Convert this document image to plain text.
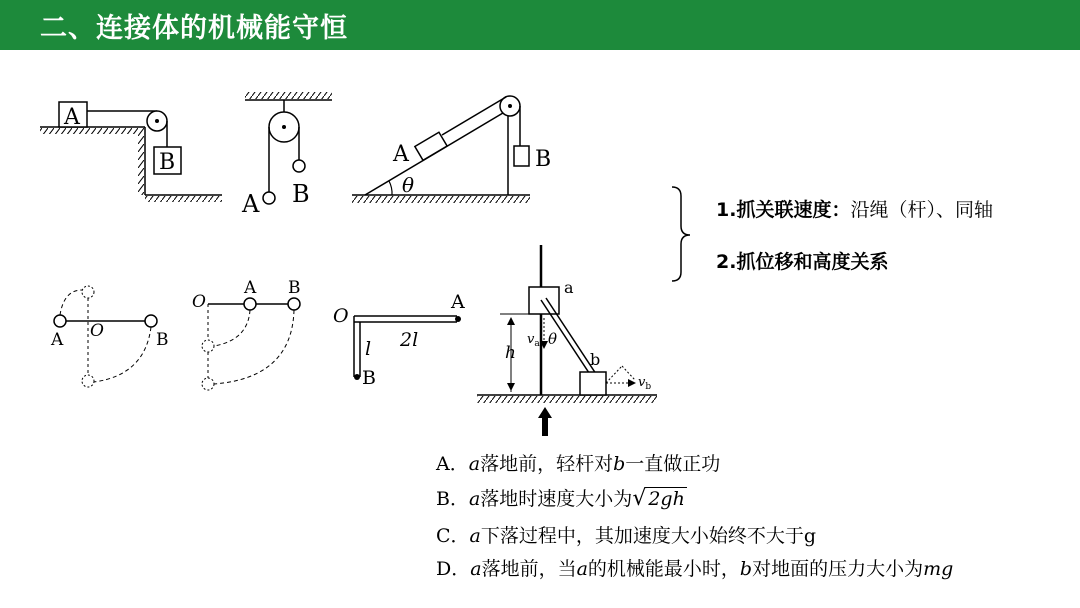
二、连接体的机械能守恒
A
B
A B
A	B
θ
A O	B
O
A B
O
A
2l
l
B
a
b
h
$v_a$ θ
$v_b$
1.抓关联速度：沿绳（杆）、同轴
2.抓位移和高度关系
A．a落地前，轻杆对b一直做正功
B．a落地时速度大小为√ 2gh
C．a下落过程中，其加速度大小始终不大于g
D．a落地前，当a的机械能最小时，b对地面的压力大小为mg
